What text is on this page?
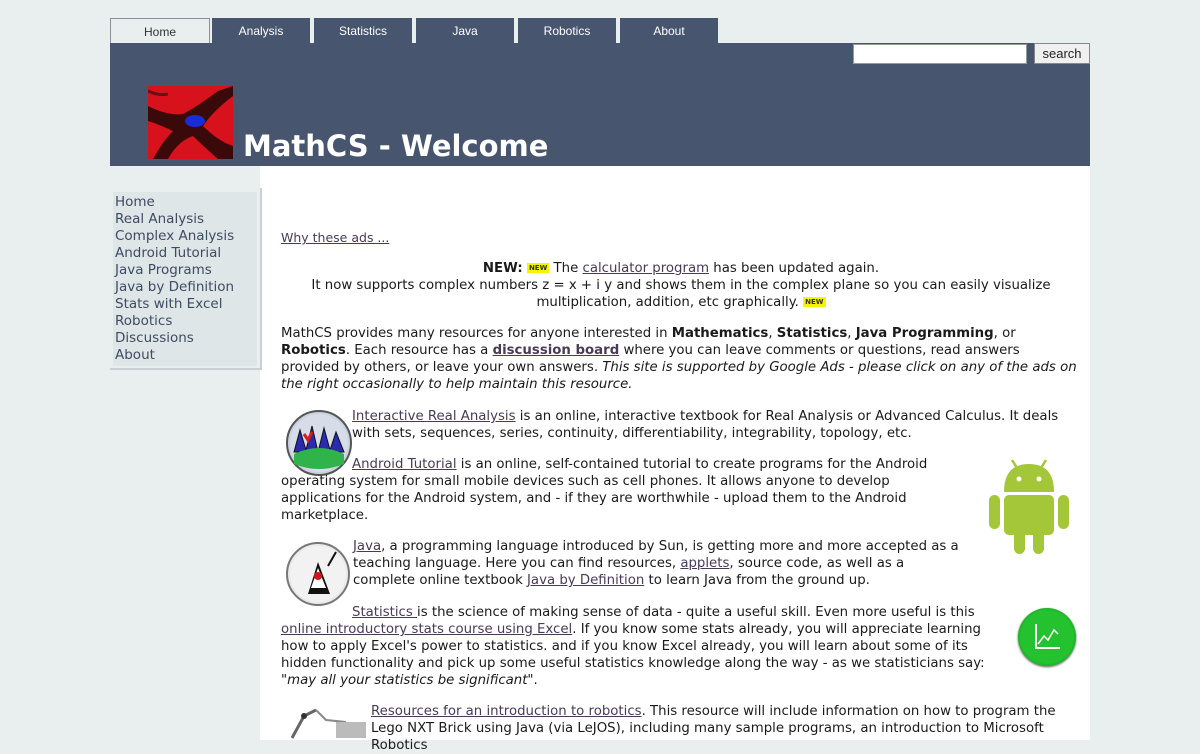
Home	Analysis	Statistics	Java	Robotics	About
search
MathCS - Welcome
Home
Real Analysis
Complex Analysis
Android Tutorial
Java Programs
Java by Definition
Stats with Excel
Robotics
Discussions
About
Why these ads ...
NEW: NEW The calculator program has been updated again.
It now supports complex numbers z = x + i y and shows them in the complex plane so you can easily visualize
multiplication, addition, etc graphically. NEW
MathCS provides many resources for anyone interested in Mathematics, Statistics, Java Programming, or Robotics. Each resource has a discussion board where you can leave comments or questions, read answers provided by others, or leave your own answers. This site is supported by Google Ads - please click on any of the ads on the right occasionally to help maintain this resource.
Interactive Real Analysis is an online, interactive textbook for Real Analysis or Advanced Calculus. It deals with sets, sequences, series, continuity, differentiability, integrability, topology, etc.
Android Tutorial is an online, self-contained tutorial to create programs for the Android operating system for small mobile devices such as cell phones. It allows anyone to develop applications for the Android system, and - if they are worthwhile - upload them to the Android marketplace.
Java, a programming language introduced by Sun, is getting more and more accepted as a teaching language. Here you can find resources, applets, source code, as well as a complete online textbook Java by Definition to learn Java from the ground up.
Statistics is the science of making sense of data - quite a useful skill. Even more useful is this online introductory stats course using Excel. If you know some stats already, you will appreciate learning how to apply Excel's power to statistics. and if you know Excel already, you will learn about some of its hidden functionality and pick up some useful statistics knowledge along the way - as we statisticians say: "may all your statistics be significant".
Resources for an introduction to robotics. This resource will include information on how to program the Lego NXT Brick using Java (via LeJOS), including many sample programs, an introduction to Microsoft Robotics
